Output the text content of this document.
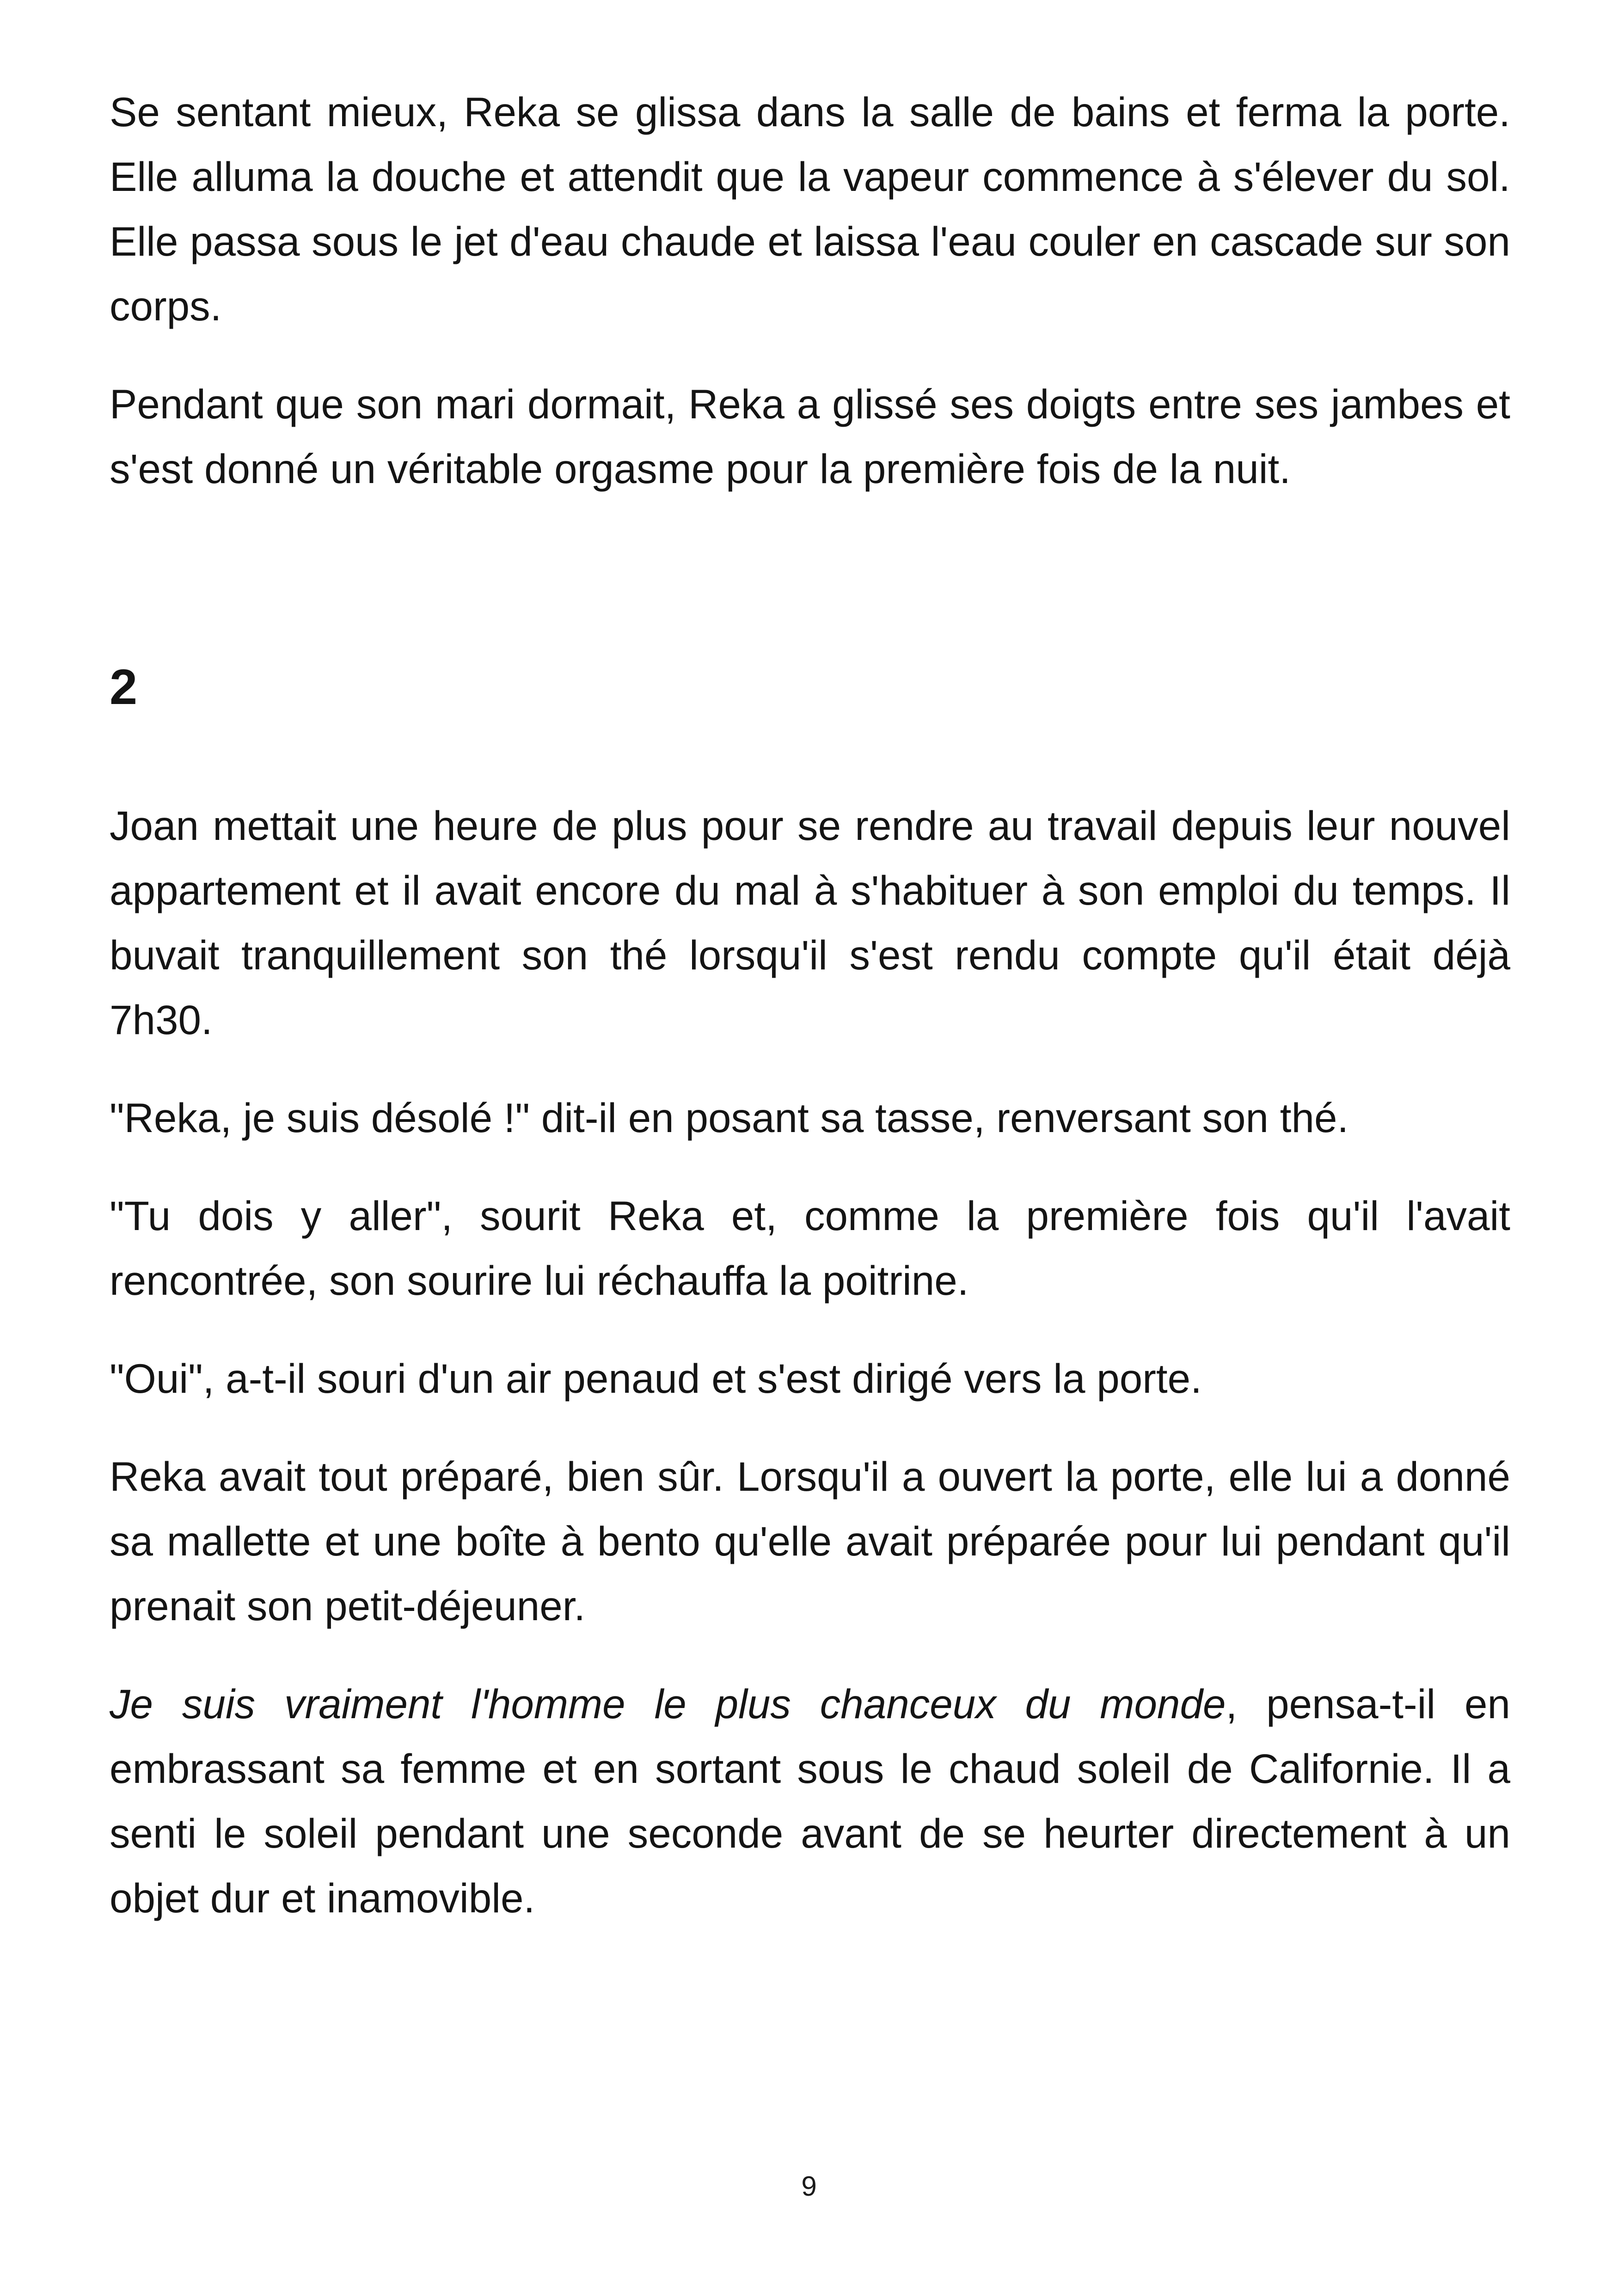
Se sentant mieux, Reka se glissa dans la salle de bains et ferma la porte. Elle alluma la douche et attendit que la vapeur commence à s'élever du sol. Elle passa sous le jet d'eau chaude et laissa l'eau couler en cascade sur son corps.

Pendant que son mari dormait, Reka a glissé ses doigts entre ses jambes et s'est donné un véritable orgasme pour la première fois de la nuit.

2

Joan mettait une heure de plus pour se rendre au travail depuis leur nouvel appartement et il avait encore du mal à s'habituer à son emploi du temps. Il buvait tranquillement son thé lorsqu'il s'est rendu compte qu'il était déjà 7h30.

"Reka, je suis désolé !" dit-il en posant sa tasse, renversant son thé.

"Tu dois y aller", sourit Reka et, comme la première fois qu'il l'avait rencontrée, son sourire lui réchauffa la poitrine.

"Oui", a-t-il souri d'un air penaud et s'est dirigé vers la porte.

Reka avait tout préparé, bien sûr. Lorsqu'il a ouvert la porte, elle lui a donné sa mallette et une boîte à bento qu'elle avait préparée pour lui pendant qu'il prenait son petit-déjeuner.

Je suis vraiment l'homme le plus chanceux du monde, pensa-t-il en embrassant sa femme et en sortant sous le chaud soleil de Californie. Il a senti le soleil pendant une seconde avant de se heurter directement à un objet dur et inamovible.

9
